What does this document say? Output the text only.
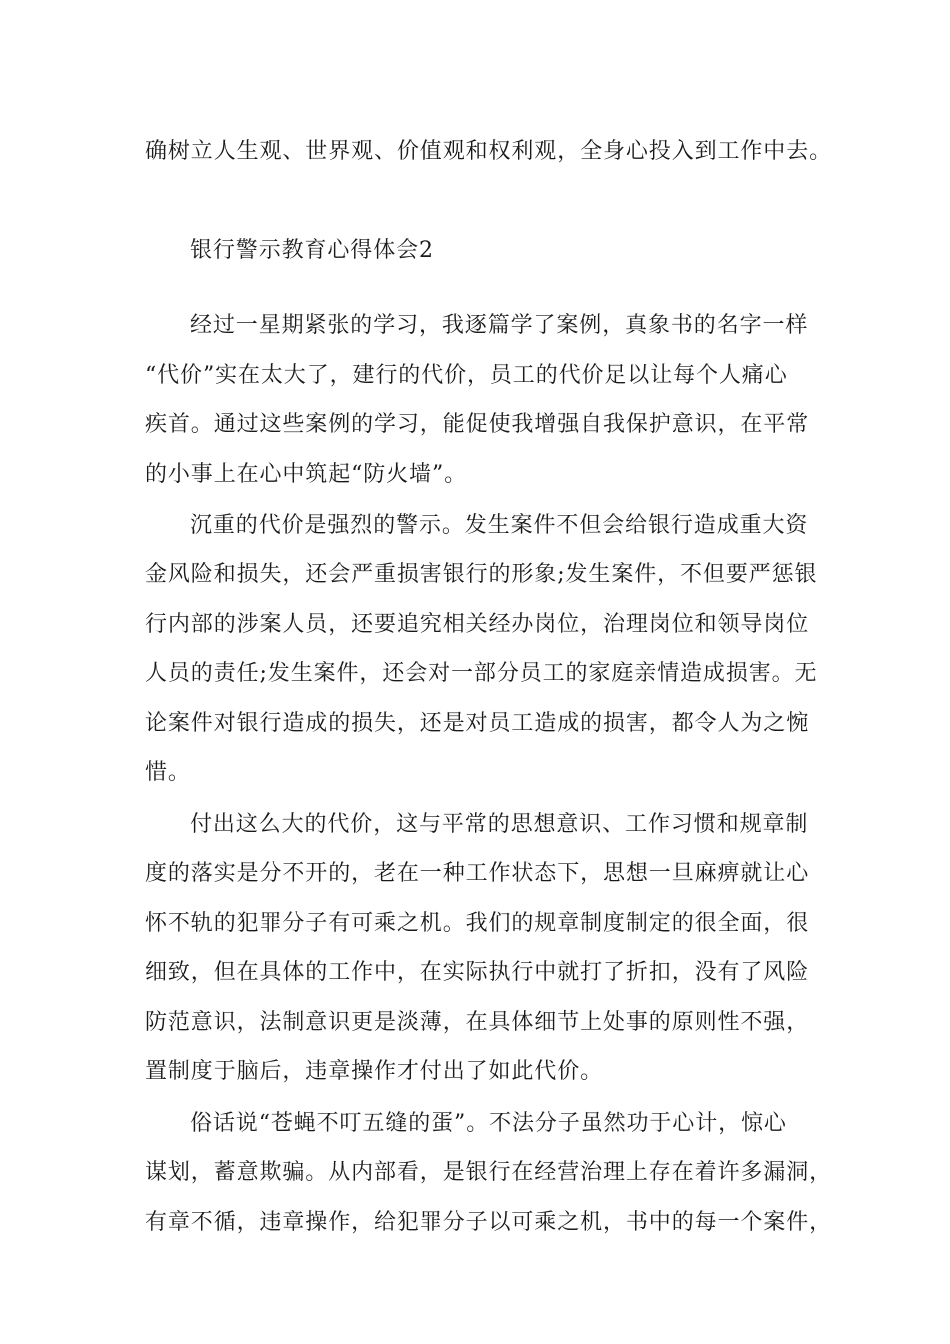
确树立人生观、世界观、价值观和权利观，全身心投入到工作中去。
银行警示教育心得体会2
经过一星期紧张的学习，我逐篇学了案例，真象书的名字一样
“代价”实在太大了，建行的代价，员工的代价足以让每个人痛心
疾首。通过这些案例的学习，能促使我增强自我保护意识，在平常
的小事上在心中筑起“防火墙”。
沉重的代价是强烈的警示。发生案件不但会给银行造成重大资
金风险和损失，还会严重损害银行的形象;发生案件，不但要严惩银
行内部的涉案人员，还要追究相关经办岗位，治理岗位和领导岗位
人员的责任;发生案件，还会对一部分员工的家庭亲情造成损害。无
论案件对银行造成的损失，还是对员工造成的损害，都令人为之惋
惜。
付出这么大的代价，这与平常的思想意识、工作习惯和规章制
度的落实是分不开的，老在一种工作状态下，思想一旦麻痹就让心
怀不轨的犯罪分子有可乘之机。我们的规章制度制定的很全面，很
细致，但在具体的工作中，在实际执行中就打了折扣，没有了风险
防范意识，法制意识更是淡薄，在具体细节上处事的原则性不强，
置制度于脑后，违章操作才付出了如此代价。
俗话说“苍蝇不叮五缝的蛋”。不法分子虽然功于心计，惊心
谋划，蓄意欺骗。从内部看，是银行在经营治理上存在着许多漏洞，
有章不循，违章操作，给犯罪分子以可乘之机，书中的每一个案件，
